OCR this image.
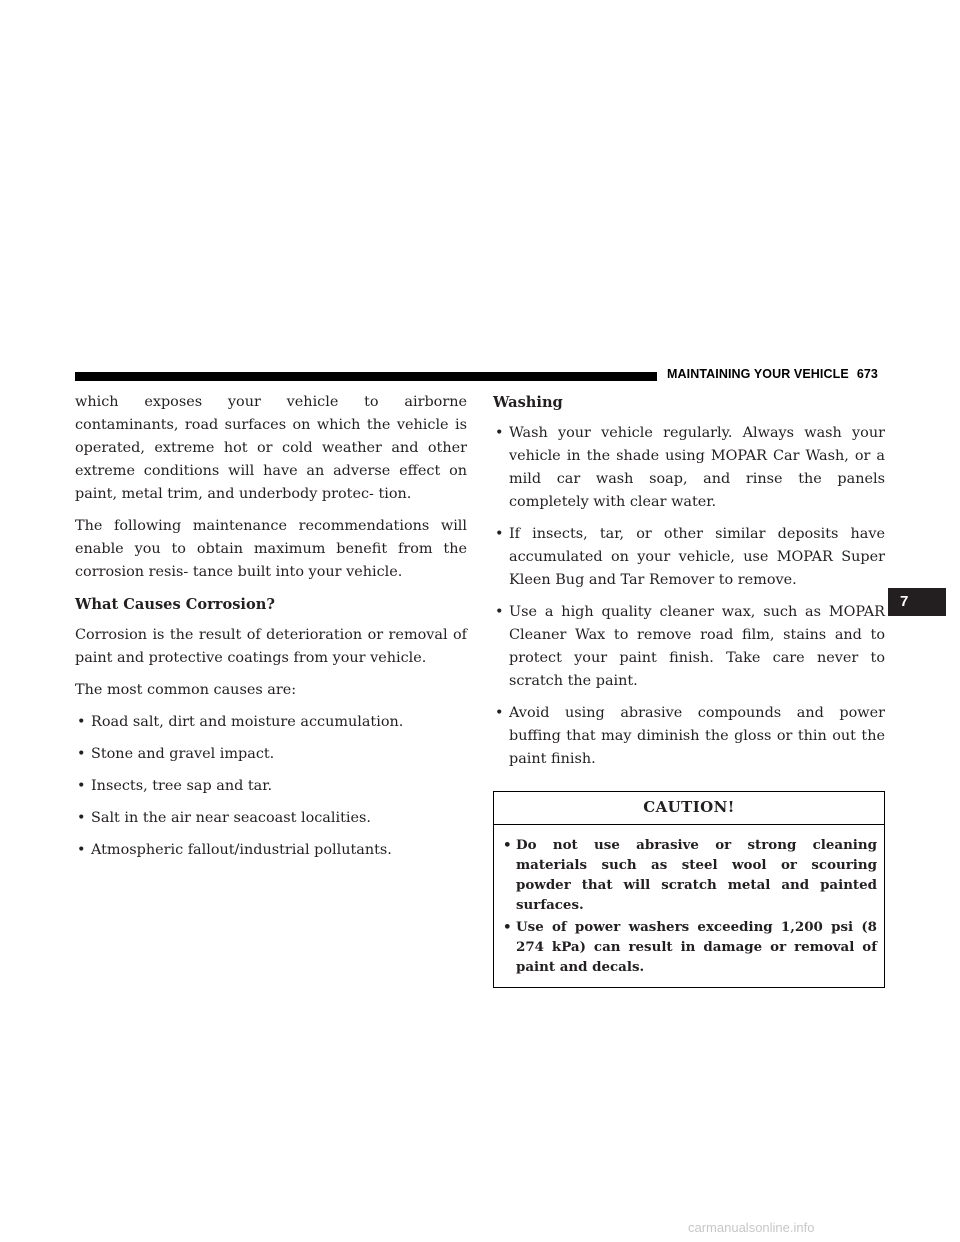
MAINTAINING YOUR VEHICLE 673

which exposes your vehicle to airborne contaminants, road surfaces on which the vehicle is operated, extreme hot or cold weather and other extreme conditions will have an adverse effect on paint, metal trim, and underbody protec- tion.

The following maintenance recommendations will enable you to obtain maximum benefit from the corrosion resis- tance built into your vehicle.

What Causes Corrosion?

Corrosion is the result of deterioration or removal of paint and protective coatings from your vehicle.

The most common causes are:

• Road salt, dirt and moisture accumulation.
• Stone and gravel impact.
• Insects, tree sap and tar.
• Salt in the air near seacoast localities.
• Atmospheric fallout/industrial pollutants.
Washing
• Wash your vehicle regularly. Always wash your vehicle in the shade using MOPAR Car Wash, or a mild car wash soap, and rinse the panels completely with clear water.
• If insects, tar, or other similar deposits have accumulated on your vehicle, use MOPAR Super Kleen Bug and Tar Remover to remove.
• Use a high quality cleaner wax, such as MOPAR Cleaner Wax to remove road film, stains and to protect your paint finish. Take care never to scratch the paint.
• Avoid using abrasive compounds and power buffing that may diminish the gloss or thin out the paint finish.
CAUTION!
• Do not use abrasive or strong cleaning materials such as steel wool or scouring powder that will scratch metal and painted surfaces.
• Use of power washers exceeding 1,200 psi (8 274 kPa) can result in damage or removal of paint and decals.
7
carmanualsonline.info
